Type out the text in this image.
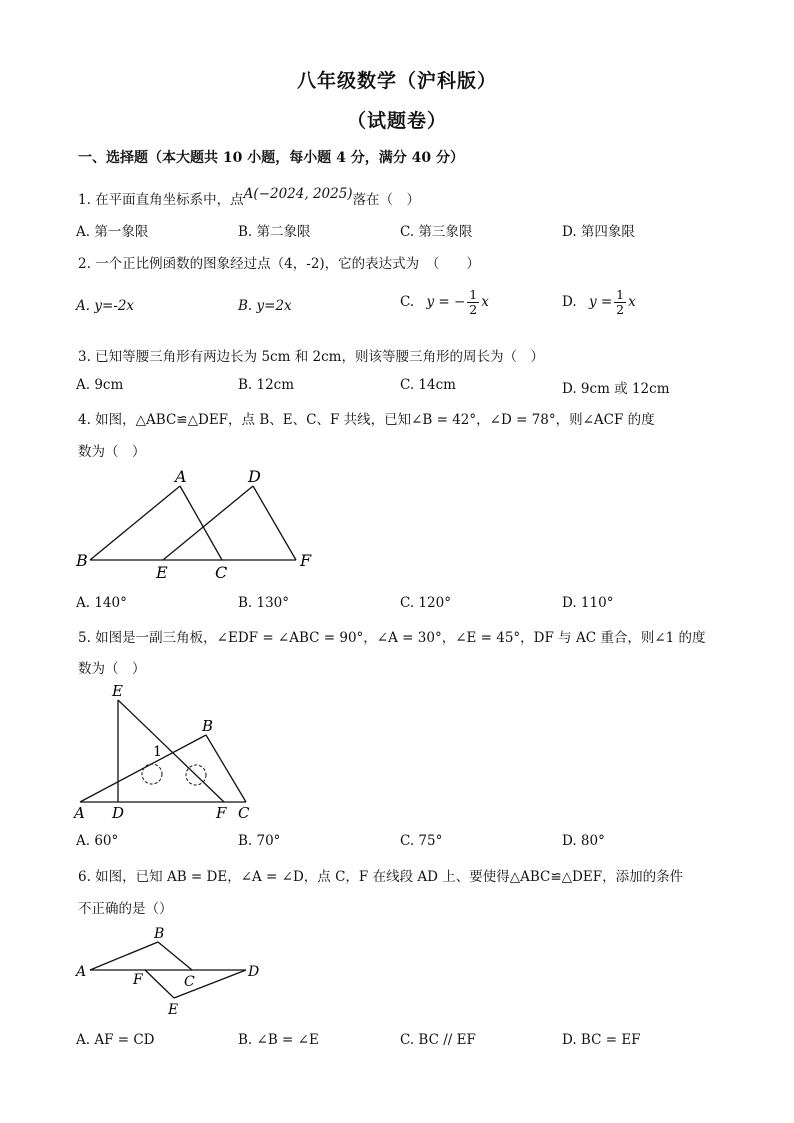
八年级数学（沪科版）
（试题卷）
一、选择题（本大题共 10 小题，每小题 4 分，满分 40 分）
1. 在平面直角坐标系中，点A(−2024, 2025)落在（　）
A. 第一象限	B. 第二象限	C. 第三象限	D. 第四象限
2. 一个正比例函数的图象经过点（4，-2)，它的表达式为　（　　）
A. y=-2x	B. y=2x	C. y = − $\frac{1}{2}$ x	D. $y = \frac{1}{2}$ x
3. 已知等腰三角形有两边长为 5cm 和 2cm，则该等腰三角形的周长为（　）
A. 9cm	B. 12cm	C. 14cm	D. 9cm 或 12cm
4. 如图，△ABC≌△DEF，点 B、E、C、F 共线，已知∠B = 42°，∠D = 78°，则∠ACF 的度
数为（　）
A	D
B
E	C
F
A. 140°	B. 130°	C. 120°	D. 110°
5. 如图是一副三角板，∠EDF = ∠ABC = 90°，∠A = 30°，∠E = 45°，DF 与 AC 重合，则∠1 的度
数为（　）
E
B
1
A D	F C
A. 60°	B. 70°	C. 75°	D. 80°
6. 如图，已知 AB = DE，∠A = ∠D，点 C，F 在线段 AD 上、要使得△ABC≌△DEF，添加的条件
不正确的是（）
B
A	D
F	C
E
A. AF = CD	B. ∠B = ∠E	C. BC // EF	D. BC = EF
